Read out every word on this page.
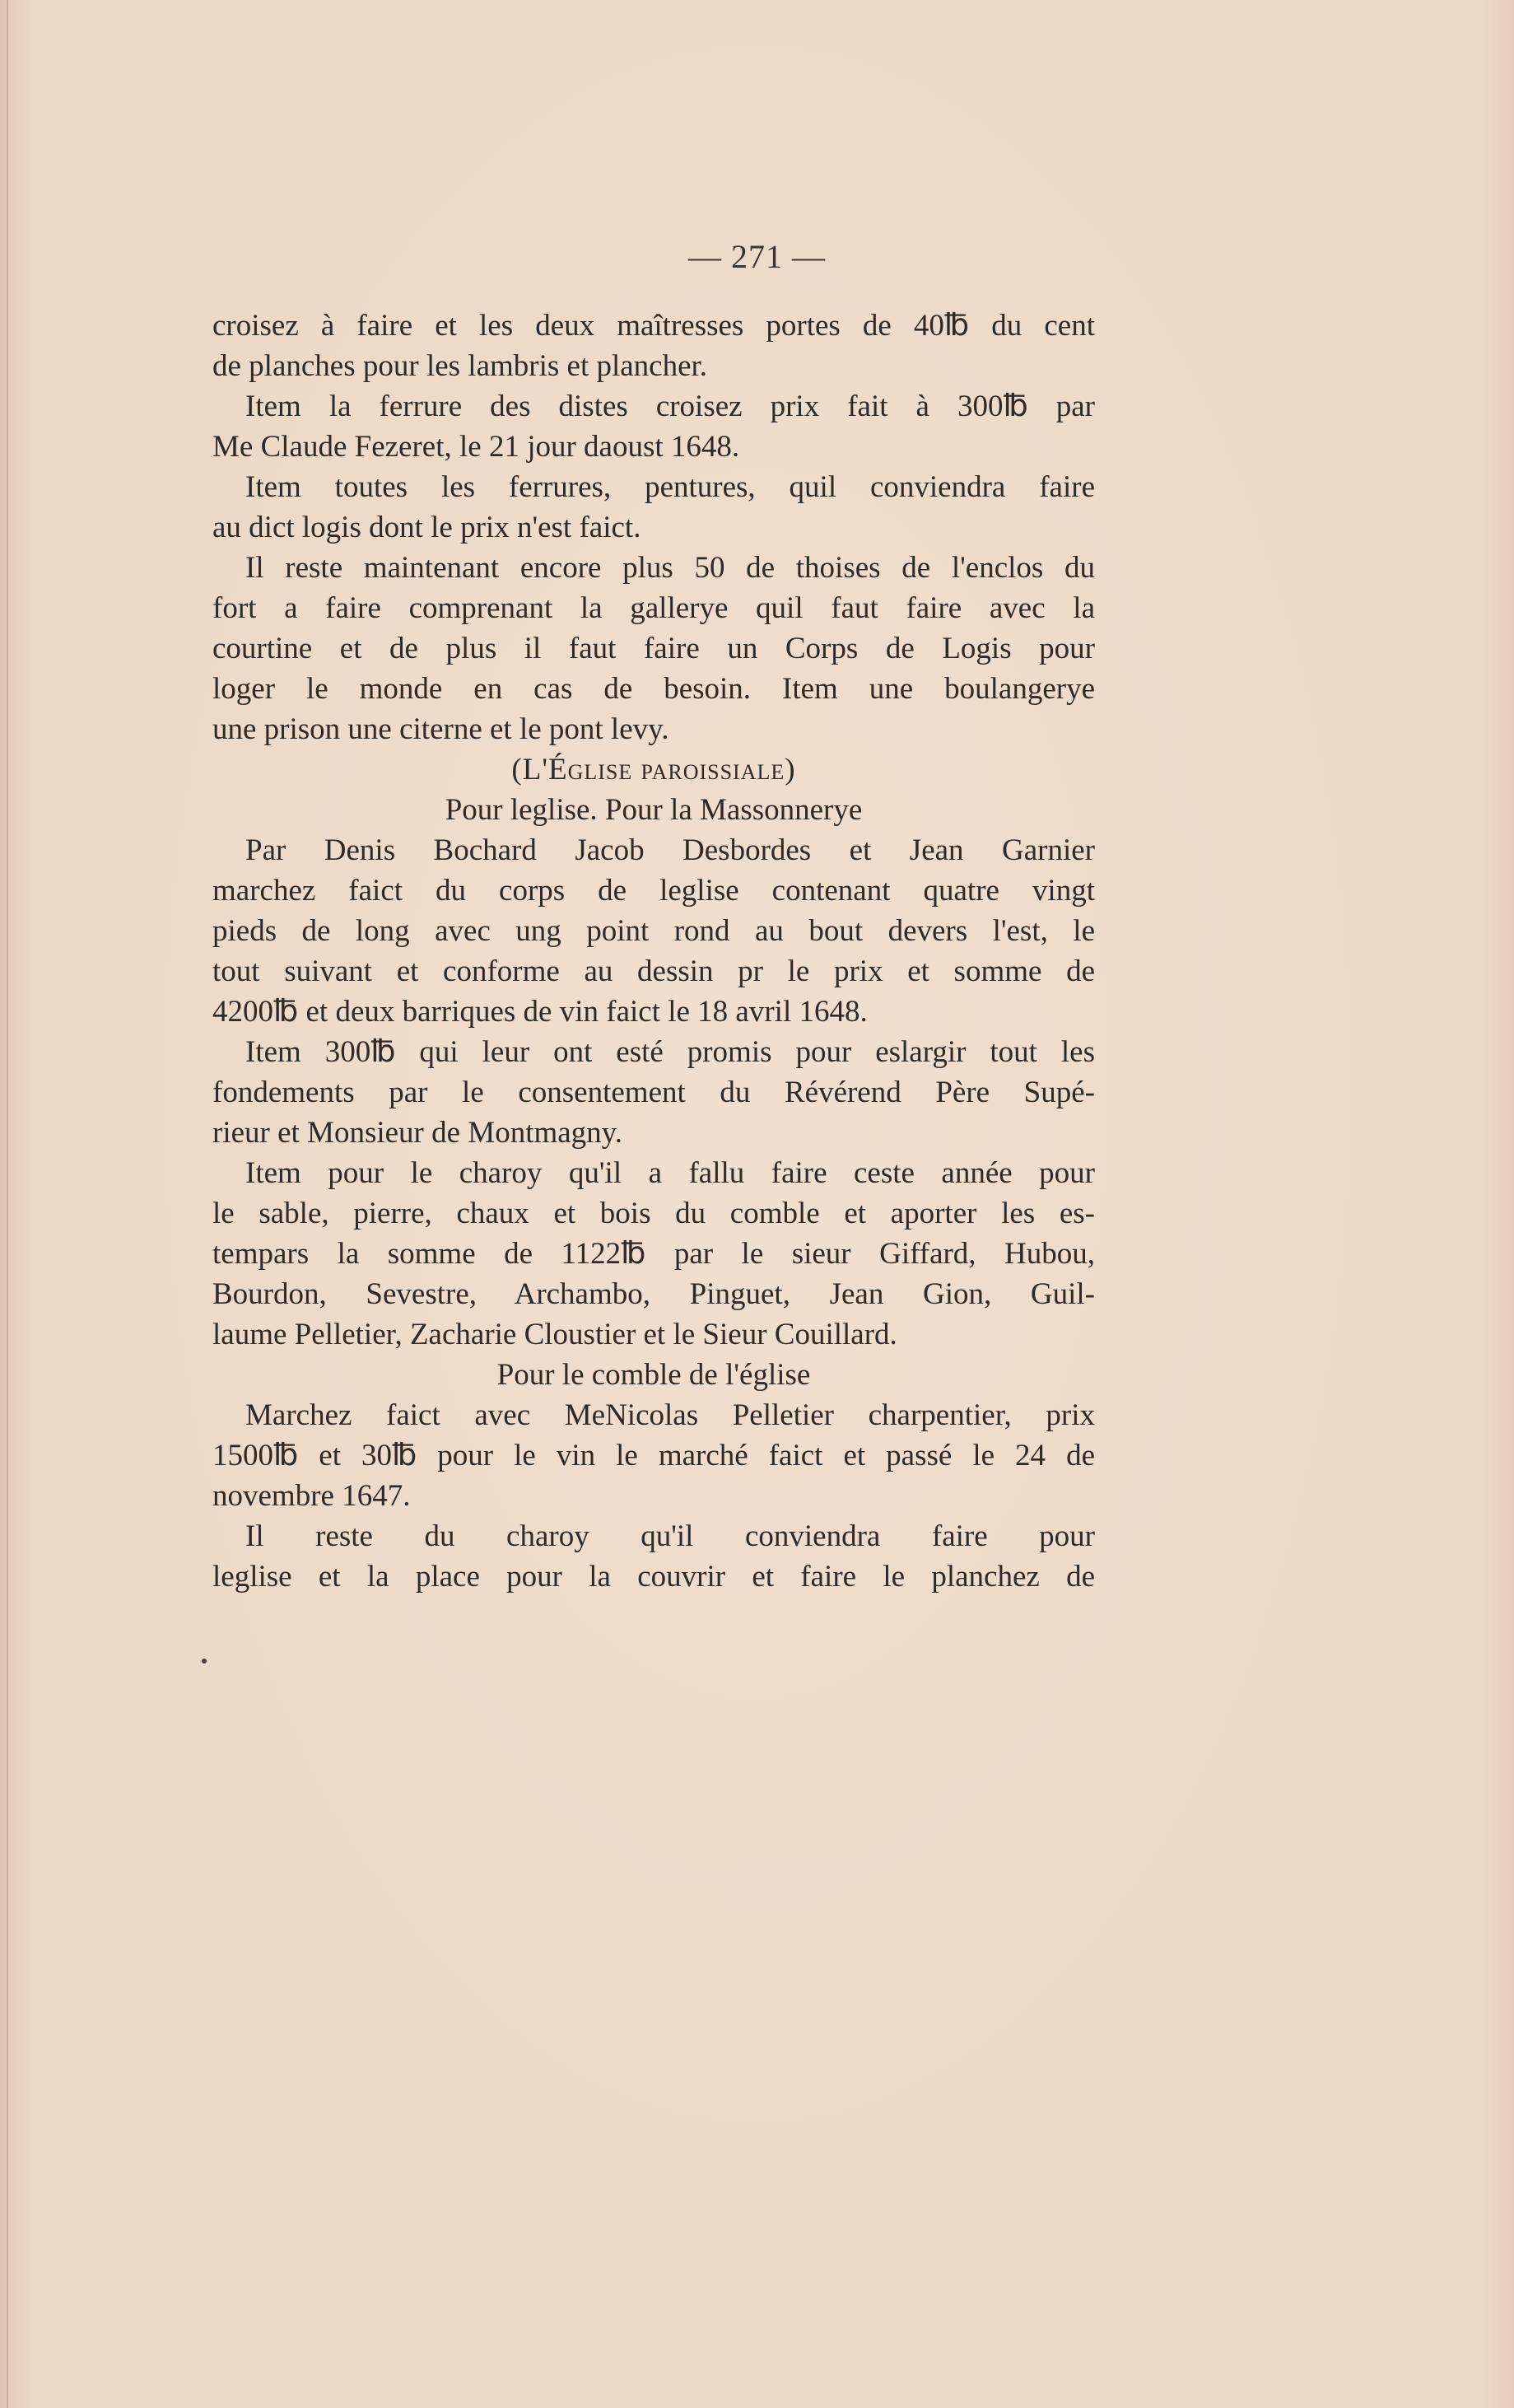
— 271 —
croisez à faire et les deux maîtresses portes de 40℔ du cent
de planches pour les lambris et plancher.
Item la ferrure des distes croisez prix fait à 300℔ par
Me Claude Fezeret, le 21 jour daoust 1648.
Item toutes les ferrures, pentures, quil conviendra faire
au dict logis dont le prix n'est faict.
Il reste maintenant encore plus 50 de thoises de l'enclos du
fort a faire comprenant la gallerye quil faut faire avec la
courtine et de plus il faut faire un Corps de Logis pour
loger le monde en cas de besoin. Item une boulangerye
une prison une citerne et le pont levy.
(L'Église paroissiale)
Pour leglise. Pour la Massonnerye
Par Denis Bochard Jacob Desbordes et Jean Garnier
marchez faict du corps de leglise contenant quatre vingt
pieds de long avec ung point rond au bout devers l'est, le
tout suivant et conforme au dessin pr le prix et somme de
4200℔ et deux barriques de vin faict le 18 avril 1648.
Item 300℔ qui leur ont esté promis pour eslargir tout les
fondements par le consentement du Révérend Père Supé-
rieur et Monsieur de Montmagny.
Item pour le charoy qu'il a fallu faire ceste année pour
le sable, pierre, chaux et bois du comble et aporter les es-
tempars la somme de 1122℔ par le sieur Giffard, Hubou,
Bourdon, Sevestre, Archambo, Pinguet, Jean Gion, Guil-
laume Pelletier, Zacharie Cloustier et le Sieur Couillard.
Pour le comble de l'église
Marchez faict avec MeNicolas Pelletier charpentier, prix
1500℔ et 30℔ pour le vin le marché faict et passé le 24 de
novembre 1647.
Il reste du charoy qu'il conviendra faire pour
leglise et la place pour la couvrir et faire le planchez de
